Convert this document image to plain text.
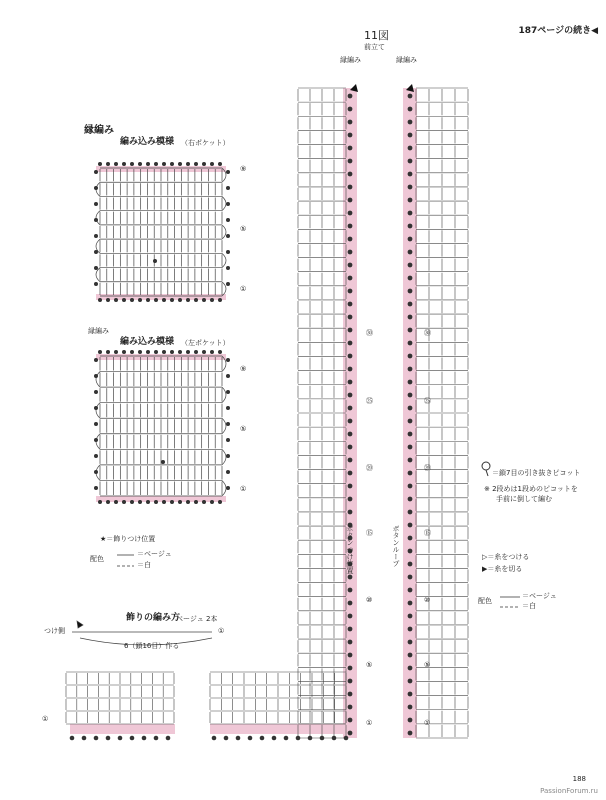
187ページの続き◀
11図
前立て
縁編み	縁編み
ボタンつけ位置	ボタンループ
縁編み
編み込み模様 （右ポケット）
縁編み
編み込み模様 （左ポケット）
★＝飾りつけ位置
配色
＝ベージュ
＝白
飾りの編み方
ベージュ 2本
つけ側
6（鎖16目）作る
①
＝鎖7目の引き抜きピコット
※ 2段めは1段めのピコットを
手前に倒して編む
▷＝糸をつける
▶＝糸を切る
配色
＝ベージュ
＝白
188
PassionForum.ru
㉚	㉚
㉕	㉕
⑳	⑳
⑮	⑮
⑩	⑩
⑤	⑤
①	①
⑨
⑤
①
⑨
⑤
①
①
